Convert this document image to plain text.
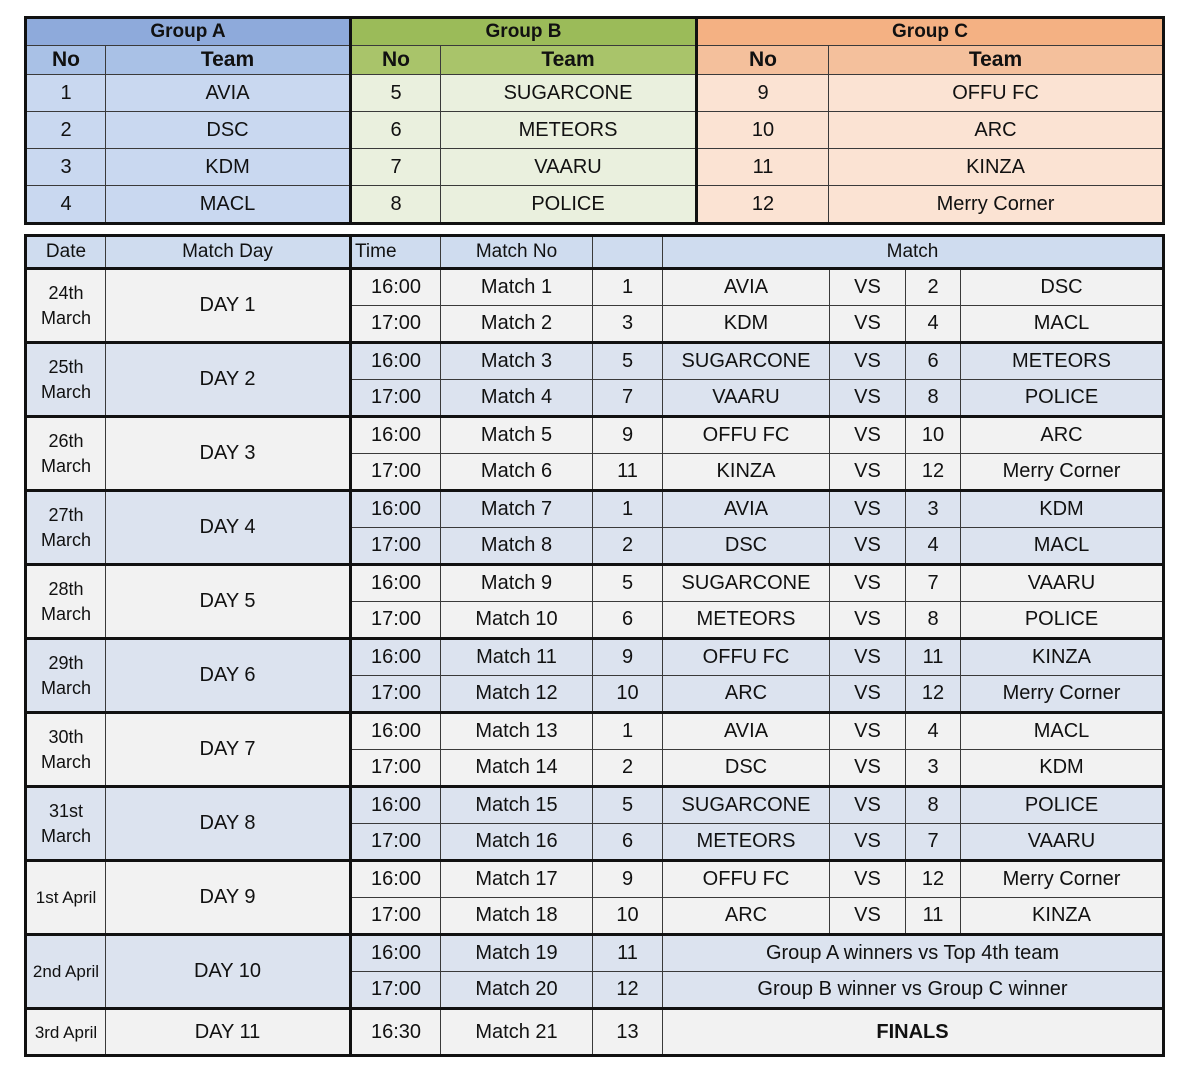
Group A		Group B		Group C	
No	Team	No	Team	No	Team
1	AVIA	5	SUGARCONE	9	OFFU FC
2	DSC	6	METEORS	10	ARC
3	KDM	7	VAARU	11	KINZA
4	MACL	8	POLICE	12	Merry Corner
Date	Match Day	Time	Match No		Match			
24th March	DAY 1	16:00	Match 1	1	AVIA	VS	2	DSC
		17:00	Match 2	3	KDM	VS	4	MACL
25th March	DAY 2	16:00	Match 3	5	SUGARCONE	VS	6	METEORS
		17:00	Match 4	7	VAARU	VS	8	POLICE
26th March	DAY 3	16:00	Match 5	9	OFFU FC	VS	10	ARC
		17:00	Match 6	11	KINZA	VS	12	Merry Corner
27th March	DAY 4	16:00	Match 7	1	AVIA	VS	3	KDM
		17:00	Match 8	2	DSC	VS	4	MACL
28th March	DAY 5	16:00	Match 9	5	SUGARCONE	VS	7	VAARU
		17:00	Match 10	6	METEORS	VS	8	POLICE
29th March	DAY 6	16:00	Match 11	9	OFFU FC	VS	11	KINZA
		17:00	Match 12	10	ARC	VS	12	Merry Corner
30th March	DAY 7	16:00	Match 13	1	AVIA	VS	4	MACL
		17:00	Match 14	2	DSC	VS	3	KDM
31st March	DAY 8	16:00	Match 15	5	SUGARCONE	VS	8	POLICE
		17:00	Match 16	6	METEORS	VS	7	VAARU
1st April	DAY 9	16:00	Match 17	9	OFFU FC	VS	12	Merry Corner
		17:00	Match 18	10	ARC	VS	11	KINZA
2nd April	DAY 10	16:00	Match 19	11	Group A winners vs Top 4th team			
		17:00	Match 20	12	Group B winner vs Group C winner			
3rd April	DAY 11	16:30	Match 21	13	FINALS			
